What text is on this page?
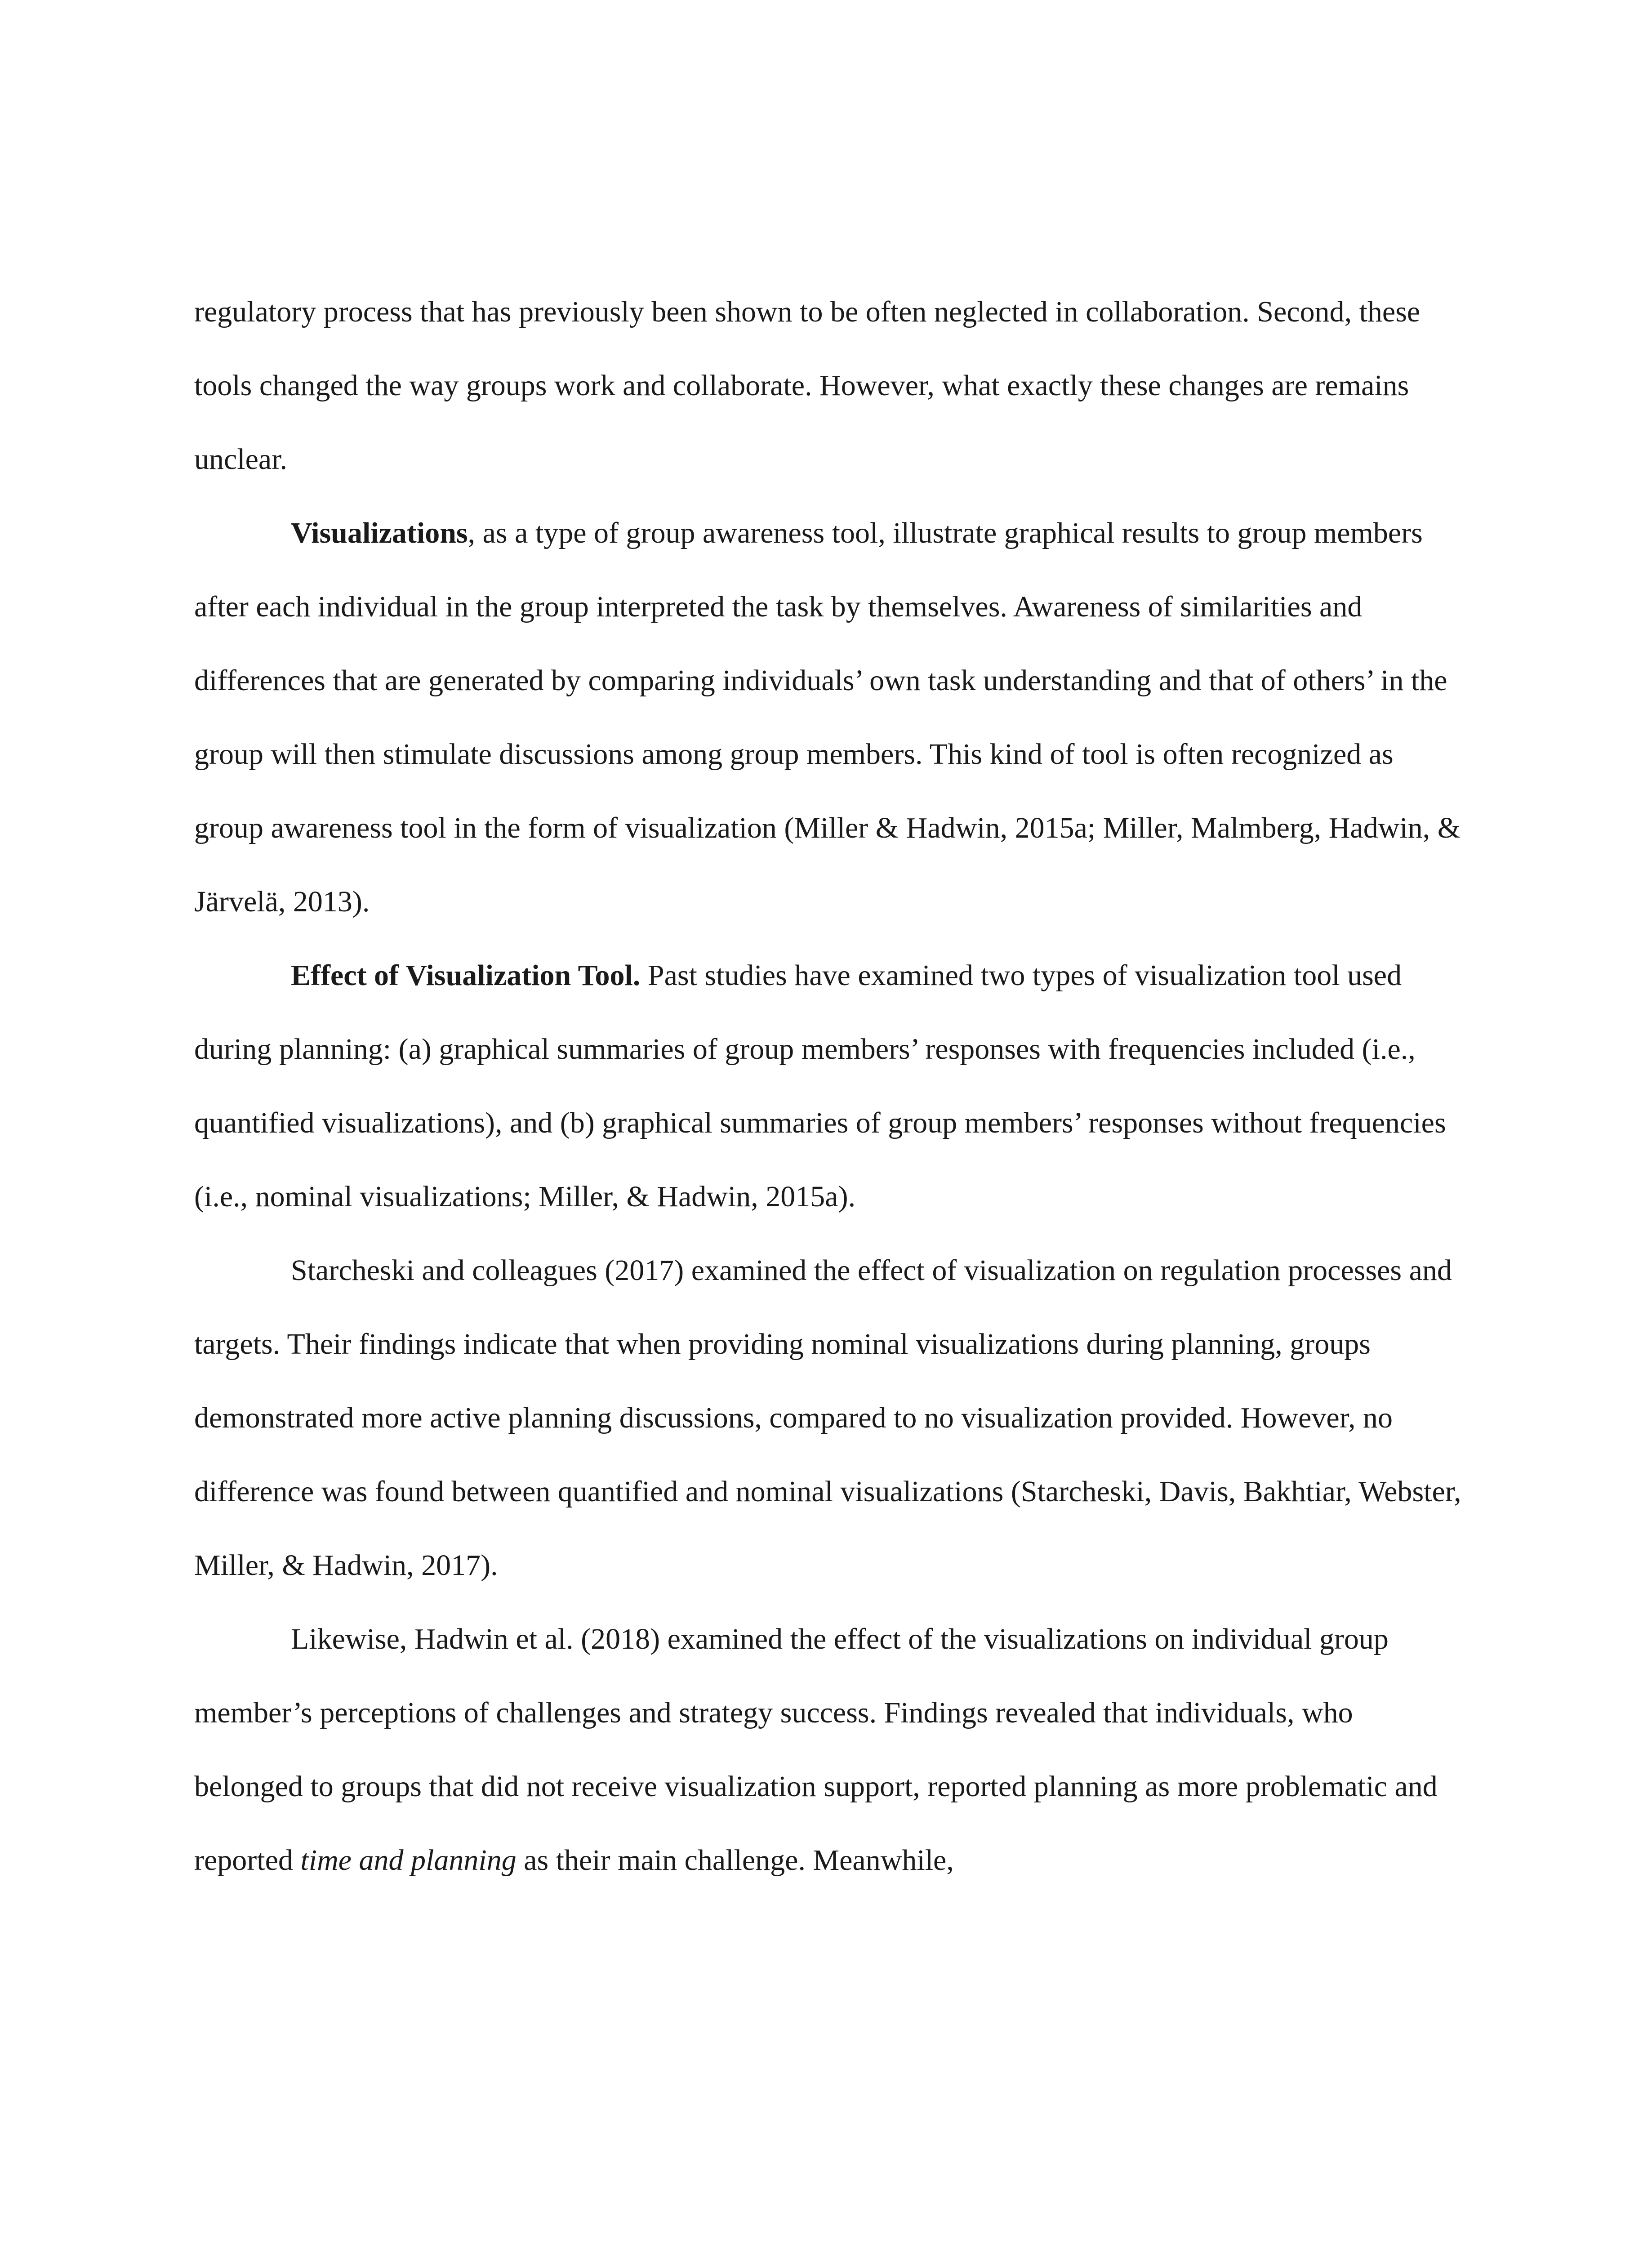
regulatory process that has previously been shown to be often neglected in collaboration. Second, these tools changed the way groups work and collaborate. However, what exactly these changes are remains unclear.

Visualizations, as a type of group awareness tool, illustrate graphical results to group members after each individual in the group interpreted the task by themselves. Awareness of similarities and differences that are generated by comparing individuals’ own task understanding and that of others’ in the group will then stimulate discussions among group members. This kind of tool is often recognized as group awareness tool in the form of visualization (Miller & Hadwin, 2015a; Miller, Malmberg, Hadwin, & Järvelä, 2013).

Effect of Visualization Tool. Past studies have examined two types of visualization tool used during planning: (a) graphical summaries of group members’ responses with frequencies included (i.e., quantified visualizations), and (b) graphical summaries of group members’ responses without frequencies (i.e., nominal visualizations; Miller, & Hadwin, 2015a).

Starcheski and colleagues (2017) examined the effect of visualization on regulation processes and targets. Their findings indicate that when providing nominal visualizations during planning, groups demonstrated more active planning discussions, compared to no visualization provided. However, no difference was found between quantified and nominal visualizations (Starcheski, Davis, Bakhtiar, Webster, Miller, & Hadwin, 2017).

Likewise, Hadwin et al. (2018) examined the effect of the visualizations on individual group member’s perceptions of challenges and strategy success. Findings revealed that individuals, who belonged to groups that did not receive visualization support, reported planning as more problematic and reported time and planning as their main challenge. Meanwhile,
